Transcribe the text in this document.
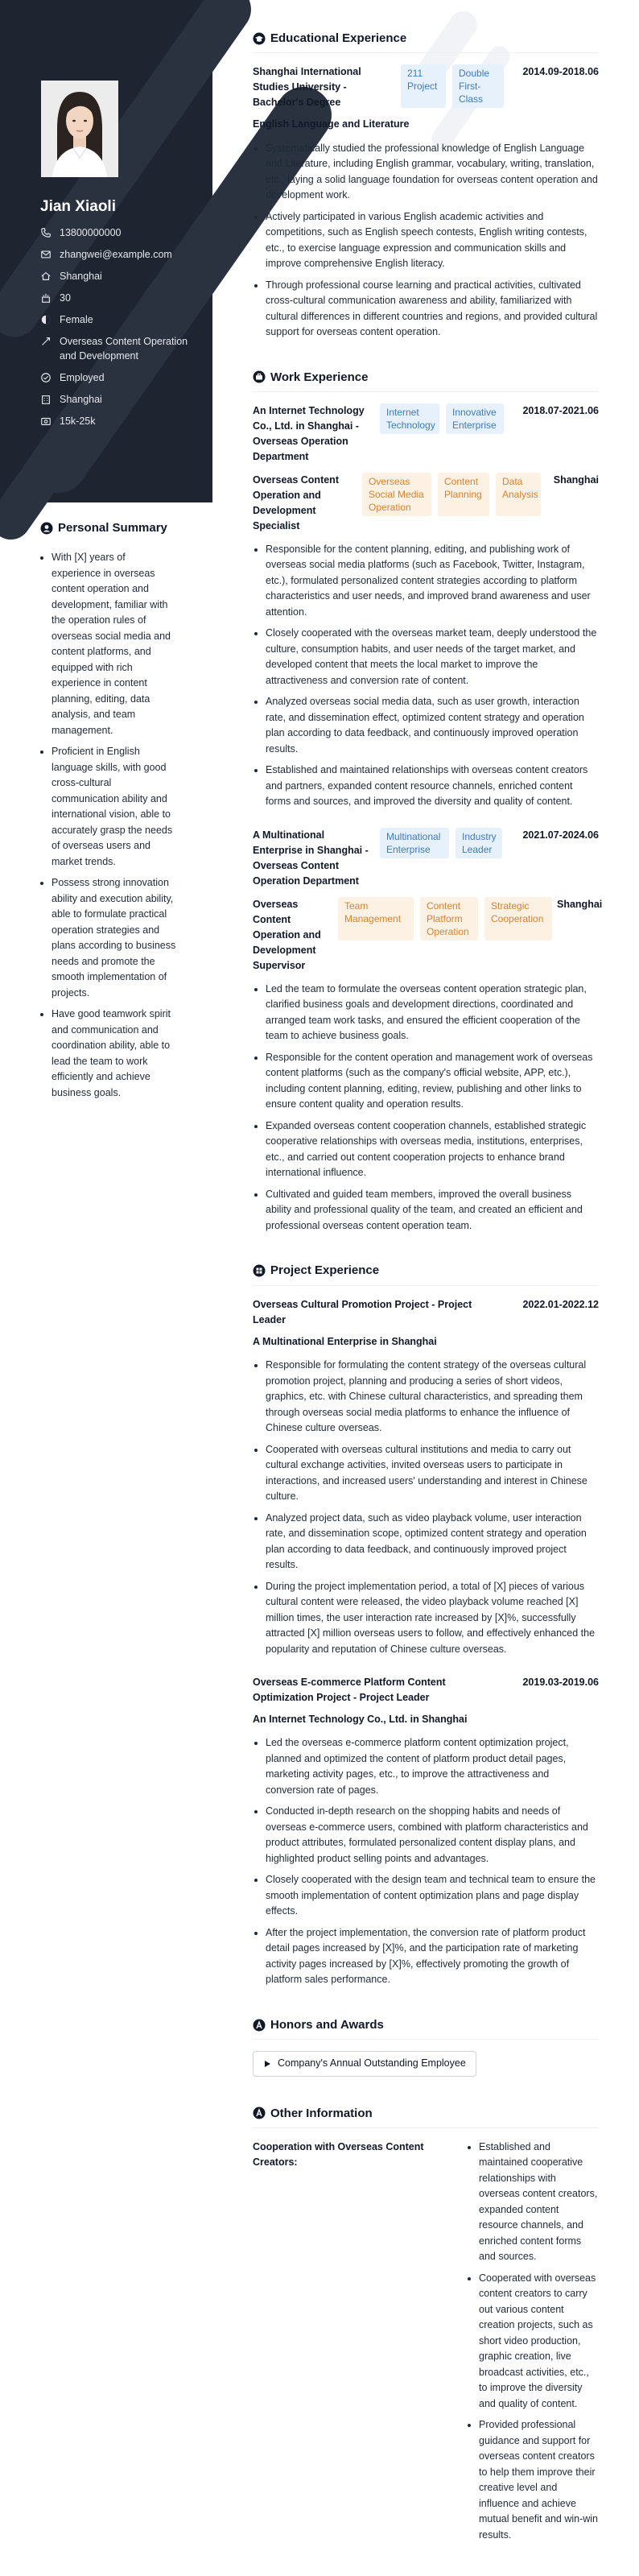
Jian Xiaoli
13800000000
zhangwei@example.com
Shanghai
30
Female
Overseas Content Operation and Development
Employed
Shanghai
15k-25k
Personal Summary
• With [X] years of experience in overseas content operation and development, familiar with the operation rules of overseas social media and content platforms, and equipped with rich experience in content planning, editing, data analysis, and team management.
• Proficient in English language skills, with good cross-cultural communication ability and international vision, able to accurately grasp the needs of overseas users and market trends.
• Possess strong innovation ability and execution ability, able to formulate practical operation strategies and plans according to business needs and promote the smooth implementation of projects.
• Have good teamwork spirit and communication and coordination ability, able to lead the team to work efficiently and achieve business goals.
Educational Experience
Shanghai International Studies University - Bachelor's Degree
211 Project
Double First-Class
2014.09-2018.06
English Language and Literature
• Systematically studied the professional knowledge of English Language and Literature, including English grammar, vocabulary, writing, translation, etc., laying a solid language foundation for overseas content operation and development work.
• Actively participated in various English academic activities and competitions, such as English speech contests, English writing contests, etc., to exercise language expression and communication skills and improve comprehensive English literacy.
• Through professional course learning and practical activities, cultivated cross-cultural communication awareness and ability, familiarized with cultural differences in different countries and regions, and provided cultural support for overseas content operation.
Work Experience
An Internet Technology Co., Ltd. in Shanghai - Overseas Operation Department
Internet Technology
Innovative Enterprise
2018.07-2021.06
Overseas Content Operation and Development Specialist
Overseas Social Media Operation
Content Planning
Data Analysis
Shanghai
• Responsible for the content planning, editing, and publishing work of overseas social media platforms (such as Facebook, Twitter, Instagram, etc.), formulated personalized content strategies according to platform characteristics and user needs, and improved brand awareness and user attention.
• Closely cooperated with the overseas market team, deeply understood the culture, consumption habits, and user needs of the target market, and developed content that meets the local market to improve the attractiveness and conversion rate of content.
• Analyzed overseas social media data, such as user growth, interaction rate, and dissemination effect, optimized content strategy and operation plan according to data feedback, and continuously improved operation results.
• Established and maintained relationships with overseas content creators and partners, expanded content resource channels, enriched content forms and sources, and improved the diversity and quality of content.
A Multinational Enterprise in Shanghai - Overseas Content Operation Department
Multinational Enterprise
Industry Leader
2021.07-2024.06
Overseas Content Operation and Development Supervisor
Team Management
Content Platform Operation
Strategic Cooperation
Shanghai
• Led the team to formulate the overseas content operation strategic plan, clarified business goals and development directions, coordinated and arranged team work tasks, and ensured the efficient cooperation of the team to achieve business goals.
• Responsible for the content operation and management work of overseas content platforms (such as the company's official website, APP, etc.), including content planning, editing, review, publishing and other links to ensure content quality and operation results.
• Expanded overseas content cooperation channels, established strategic cooperative relationships with overseas media, institutions, enterprises, etc., and carried out content cooperation projects to enhance brand international influence.
• Cultivated and guided team members, improved the overall business ability and professional quality of the team, and created an efficient and professional overseas content operation team.
Project Experience
Overseas Cultural Promotion Project - Project Leader
2022.01-2022.12
A Multinational Enterprise in Shanghai
• Responsible for formulating the content strategy of the overseas cultural promotion project, planning and producing a series of short videos, graphics, etc. with Chinese cultural characteristics, and spreading them through overseas social media platforms to enhance the influence of Chinese culture overseas.
• Cooperated with overseas cultural institutions and media to carry out cultural exchange activities, invited overseas users to participate in interactions, and increased users' understanding and interest in Chinese culture.
• Analyzed project data, such as video playback volume, user interaction rate, and dissemination scope, optimized content strategy and operation plan according to data feedback, and continuously improved project results.
• During the project implementation period, a total of [X] pieces of various cultural content were released, the video playback volume reached [X] million times, the user interaction rate increased by [X]%, successfully attracted [X] million overseas users to follow, and effectively enhanced the popularity and reputation of Chinese culture overseas.
Overseas E-commerce Platform Content Optimization Project - Project Leader
2019.03-2019.06
An Internet Technology Co., Ltd. in Shanghai
• Led the overseas e-commerce platform content optimization project, planned and optimized the content of platform product detail pages, marketing activity pages, etc., to improve the attractiveness and conversion rate of pages.
• Conducted in-depth research on the shopping habits and needs of overseas e-commerce users, combined with platform characteristics and product attributes, formulated personalized content display plans, and highlighted product selling points and advantages.
• Closely cooperated with the design team and technical team to ensure the smooth implementation of content optimization plans and page display effects.
• After the project implementation, the conversion rate of platform product detail pages increased by [X]%, and the participation rate of marketing activity pages increased by [X]%, effectively promoting the growth of platform sales performance.
Honors and Awards
Company's Annual Outstanding Employee
Other Information
Cooperation with Overseas Content Creators:
• Established and maintained cooperative relationships with overseas content creators, expanded content resource channels, and enriched content forms and sources.
• Cooperated with overseas content creators to carry out various content creation projects, such as short video production, graphic creation, live broadcast activities, etc., to improve the diversity and quality of content.
• Provided professional guidance and support for overseas content creators to help them improve their creative level and influence and achieve mutual benefit and win-win results.
